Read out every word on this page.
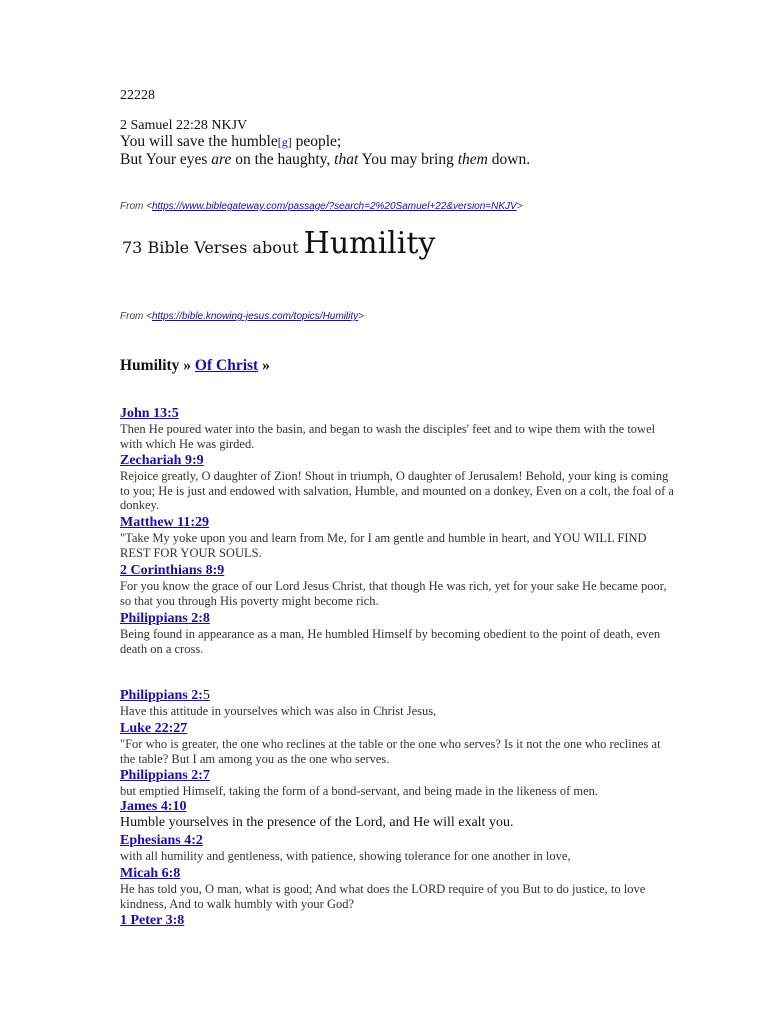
22228
2 Samuel 22:28 NKJV
You will save the humble[g] people;
But Your eyes are on the haughty, that You may bring them down.
From <https://www.biblegateway.com/passage/?search=2%20Samuel+22&version=NKJV>
73 Bible Verses about Humility
From <https://bible.knowing-jesus.com/topics/Humility>
Humility » Of Christ »
John 13:5
Then He poured water into the basin, and began to wash the disciples' feet and to wipe them with the towel with which He was girded.
Zechariah 9:9
Rejoice greatly, O daughter of Zion! Shout in triumph, O daughter of Jerusalem! Behold, your king is coming to you; He is just and endowed with salvation, Humble, and mounted on a donkey, Even on a colt, the foal of a donkey.
Matthew 11:29
"Take My yoke upon you and learn from Me, for I am gentle and humble in heart, and YOU WILL FIND REST FOR YOUR SOULS.
2 Corinthians 8:9
For you know the grace of our Lord Jesus Christ, that though He was rich, yet for your sake He became poor, so that you through His poverty might become rich.
Philippians 2:8
Being found in appearance as a man, He humbled Himself by becoming obedient to the point of death, even death on a cross.
Philippians 2:5
Have this attitude in yourselves which was also in Christ Jesus,
Luke 22:27
"For who is greater, the one who reclines at the table or the one who serves? Is it not the one who reclines at the table? But I am among you as the one who serves.
Philippians 2:7
but emptied Himself, taking the form of a bond-servant, and being made in the likeness of men.
James 4:10
Humble yourselves in the presence of the Lord, and He will exalt you.
Ephesians 4:2
with all humility and gentleness, with patience, showing tolerance for one another in love,
Micah 6:8
He has told you, O man, what is good; And what does the LORD require of you But to do justice, to love kindness, And to walk humbly with your God?
1 Peter 3:8
